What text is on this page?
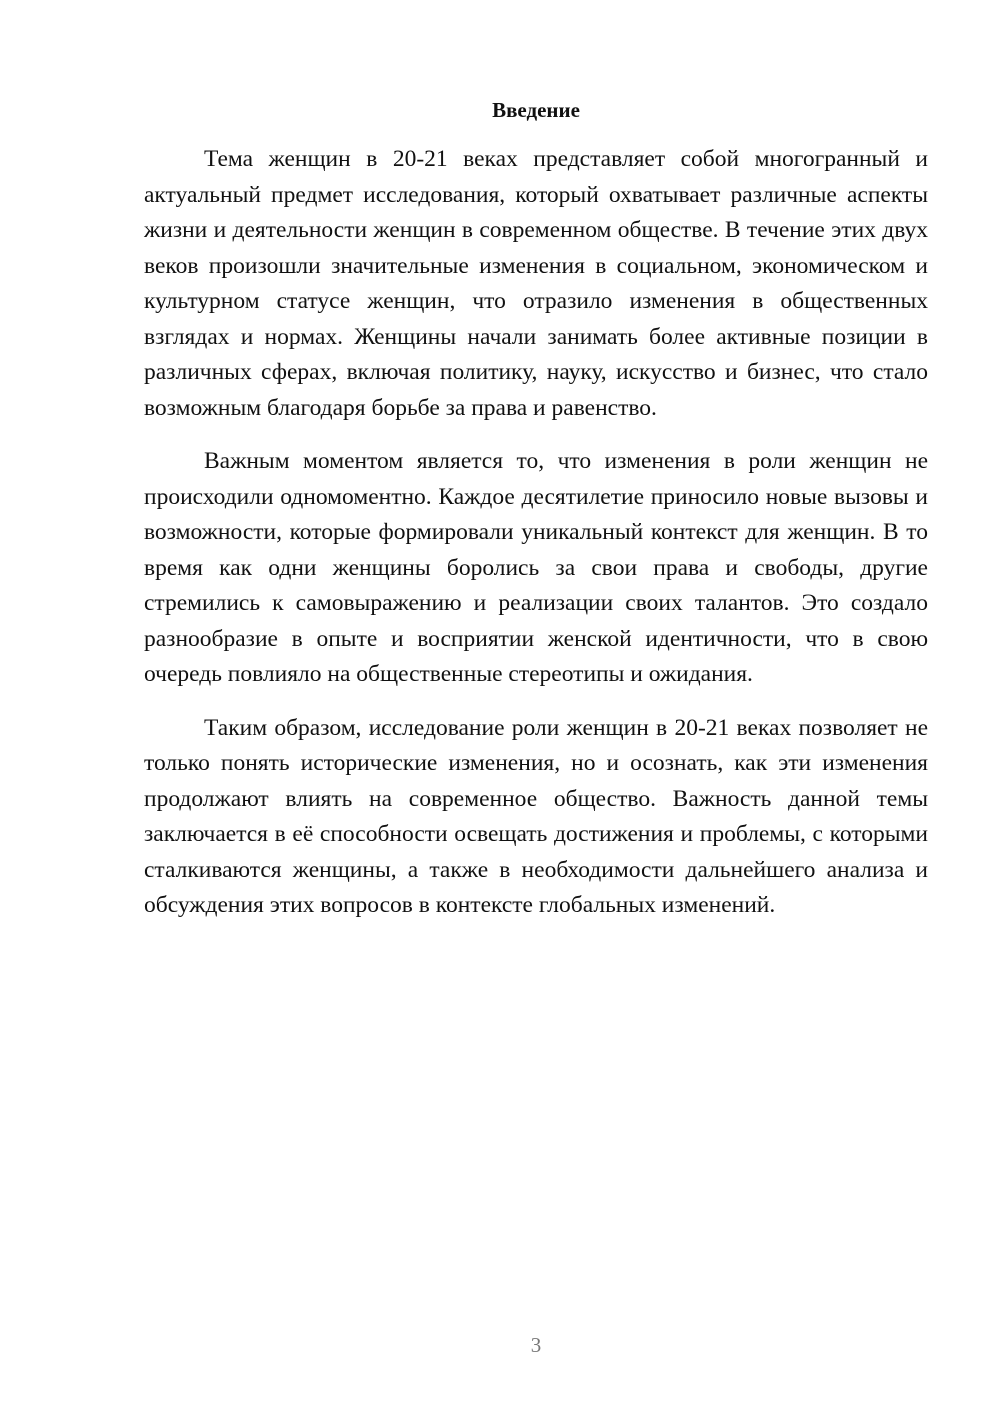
Введение

Тема женщин в 20-21 веках представляет собой многогранный и актуальный предмет исследования, который охватывает различные аспекты жизни и деятельности женщин в современном обществе. В течение этих двух веков произошли значительные изменения в социальном, экономическом и культурном статусе женщин, что отразило изменения в общественных взглядах и нормах. Женщины начали занимать более активные позиции в различных сферах, включая политику, науку, искусство и бизнес, что стало возможным благодаря борьбе за права и равенство.

Важным моментом является то, что изменения в роли женщин не происходили одномоментно. Каждое десятилетие приносило новые вызовы и возможности, которые формировали уникальный контекст для женщин. В то время как одни женщины боролись за свои права и свободы, другие стремились к самовыражению и реализации своих талантов. Это создало разнообразие в опыте и восприятии женской идентичности, что в свою очередь повлияло на общественные стереотипы и ожидания.

Таким образом, исследование роли женщин в 20-21 веках позволяет не только понять исторические изменения, но и осознать, как эти изменения продолжают влиять на современное общество. Важность данной темы заключается в её способности освещать достижения и проблемы, с которыми сталкиваются женщины, а также в необходимости дальнейшего анализа и обсуждения этих вопросов в контексте глобальных изменений.

3
